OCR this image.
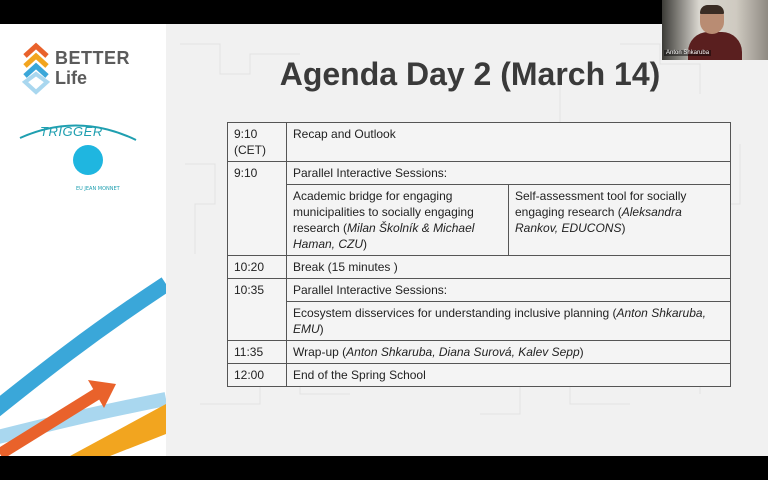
BETTER
Life
EU JEAN MONNET
TRIGGER
Agenda Day 2 (March 14)
9:10 (CET)	Recap and Outlook	
9:10	Parallel Interactive Sessions:	
	Academic bridge for engaging municipalities to socially engaging research (Milan Školník & Michael Haman, CZU)	Self-assessment tool for socially engaging research (Aleksandra Rankov, EDUCONS)
10:20	Break (15 minutes )	
10:35	Parallel Interactive Sessions:	
	Ecosystem disservices for understanding inclusive planning (Anton Shkaruba, EMU)	
11:35	Wrap-up (Anton Shkaruba, Diana Surová, Kalev Sepp)	
12:00	End of the Spring School	
Anton Shkaruba
